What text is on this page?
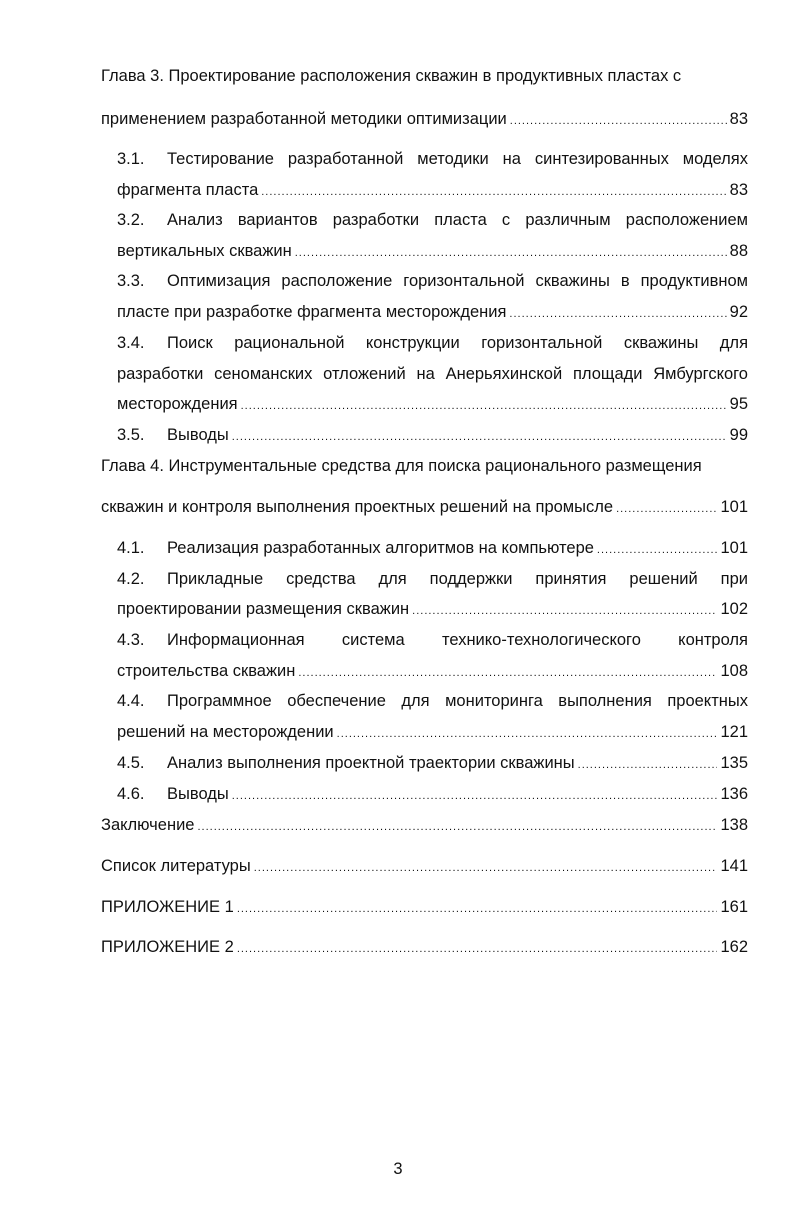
Глава 3. Проектирование расположения скважин в продуктивных пластах с
применением разработанной методики оптимизации .....	83
3.1. Тестирование разработанной методики на синтезированных моделях
фрагмента пласта .....	83
3.2. Анализ вариантов разработки пласта с различным расположением
вертикальных скважин .....	88
3.3. Оптимизация расположение горизонтальной скважины в продуктивном
пласте при разработке фрагмента месторождения .....	92
3.4. Поиск рациональной конструкции горизонтальной скважины для
разработки сеноманских отложений на Анерьяхинской площади Ямбургского
месторождения .....	95
3.5. Выводы .....	99
Глава 4. Инструментальные средства для поиска рационального размещения
скважин и контроля выполнения проектных решений на промысле .....	101
4.1. Реализация разработанных алгоритмов на компьютере .....	101
4.2. Прикладные средства для поддержки принятия решений при
проектировании размещения скважин .....	102
4.3. Информационная система технико-технологического контроля
строительства скважин .....	108
4.4. Программное обеспечение для мониторинга выполнения проектных
решений на месторождении .....	121
4.5. Анализ выполнения проектной траектории скважины .....	135
4.6. Выводы .....	136
Заключение .....	138
Список литературы .....	141
ПРИЛОЖЕНИЕ 1 .....	161
ПРИЛОЖЕНИЕ 2 .....	162
3
